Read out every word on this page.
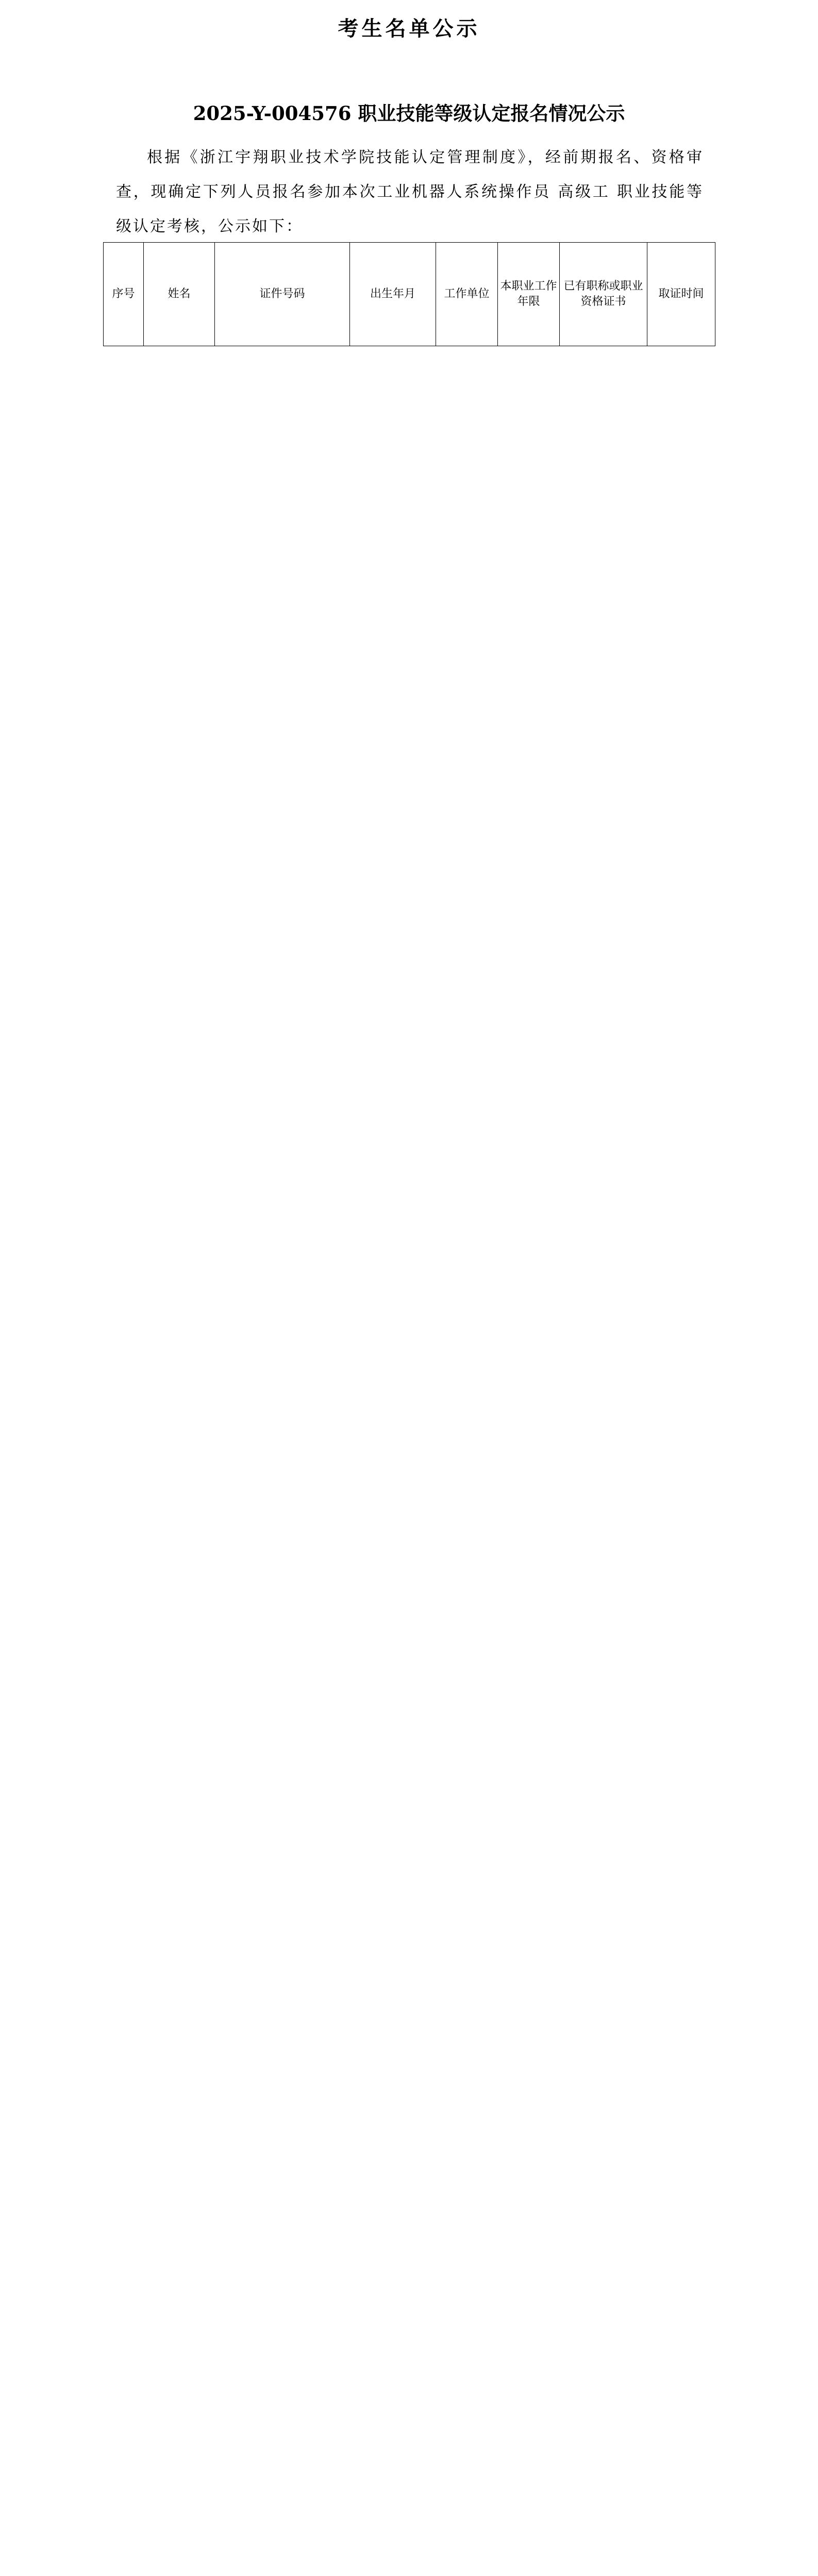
考生名单公示
2025-Y-004576 职业技能等级认定报名情况公示
根据《浙江宇翔职业技术学院技能认定管理制度》，经前期报名、资格审查，现确定下列人员报名参加本次工业机器人系统操作员 高级工 职业技能等级认定考核，公示如下：
序号	姓名	证件号码	出生年月	工作单位	本职业工作年限	已有职称或职业资格证书	取证时间
